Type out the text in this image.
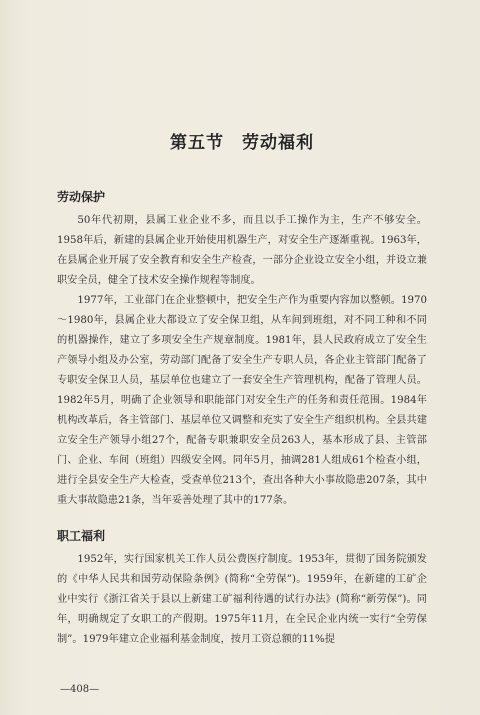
第五节　劳动福利
劳动保护

50年代初期，县属工业企业不多，而且以手工操作为主，生产不够安全。1958年后，新建的县属企业开始使用机器生产，对安全生产逐渐重视。1963年，在县属企业开展了安全教育和安全生产检查，一部分企业设立安全小组，并设立兼职安全员，健全了技术安全操作规程等制度。

1977年，工业部门在企业整顿中，把安全生产作为重要内容加以整顿。1970～1980年，县属企业大都设立了安全保卫组，从车间到班组，对不同工种和不同的机器操作，建立了多项安全生产规章制度。1981年，县人民政府成立了安全生产领导小组及办公室，劳动部门配备了安全生产专职人员，各企业主管部门配备了专职安全保卫人员，基层单位也建立了一套安全生产管理机构，配备了管理人员。1982年5月，明确了企业领导和职能部门对安全生产的任务和责任范围。1984年机构改革后，各主管部门、基层单位又调整和充实了安全生产组织机构。全县共建立安全生产领导小组27个，配备专职兼职安全员263人，基本形成了县、主管部门、企业、车间（班组）四级安全网。同年5月，抽调281人组成61个检查小组，进行全县安全生产大检查，受查单位213个，查出各种大小事故隐患207条，其中重大事故隐患21条，当年妥善处理了其中的177条。

职工福利

1952年，实行国家机关工作人员公费医疗制度。1953年，贯彻了国务院颁发的《中华人民共和国劳动保险条例》(简称“全劳保”)。1959年，在新建的工矿企业中实行《浙江省关于县以上新建工矿福利待遇的试行办法》(简称“新劳保”)。同年，明确规定了女职工的产假期。1975年11月，在全民企业内统一实行“全劳保制”。1979年建立企业福利基金制度，按月工资总额的11%提

—408—
